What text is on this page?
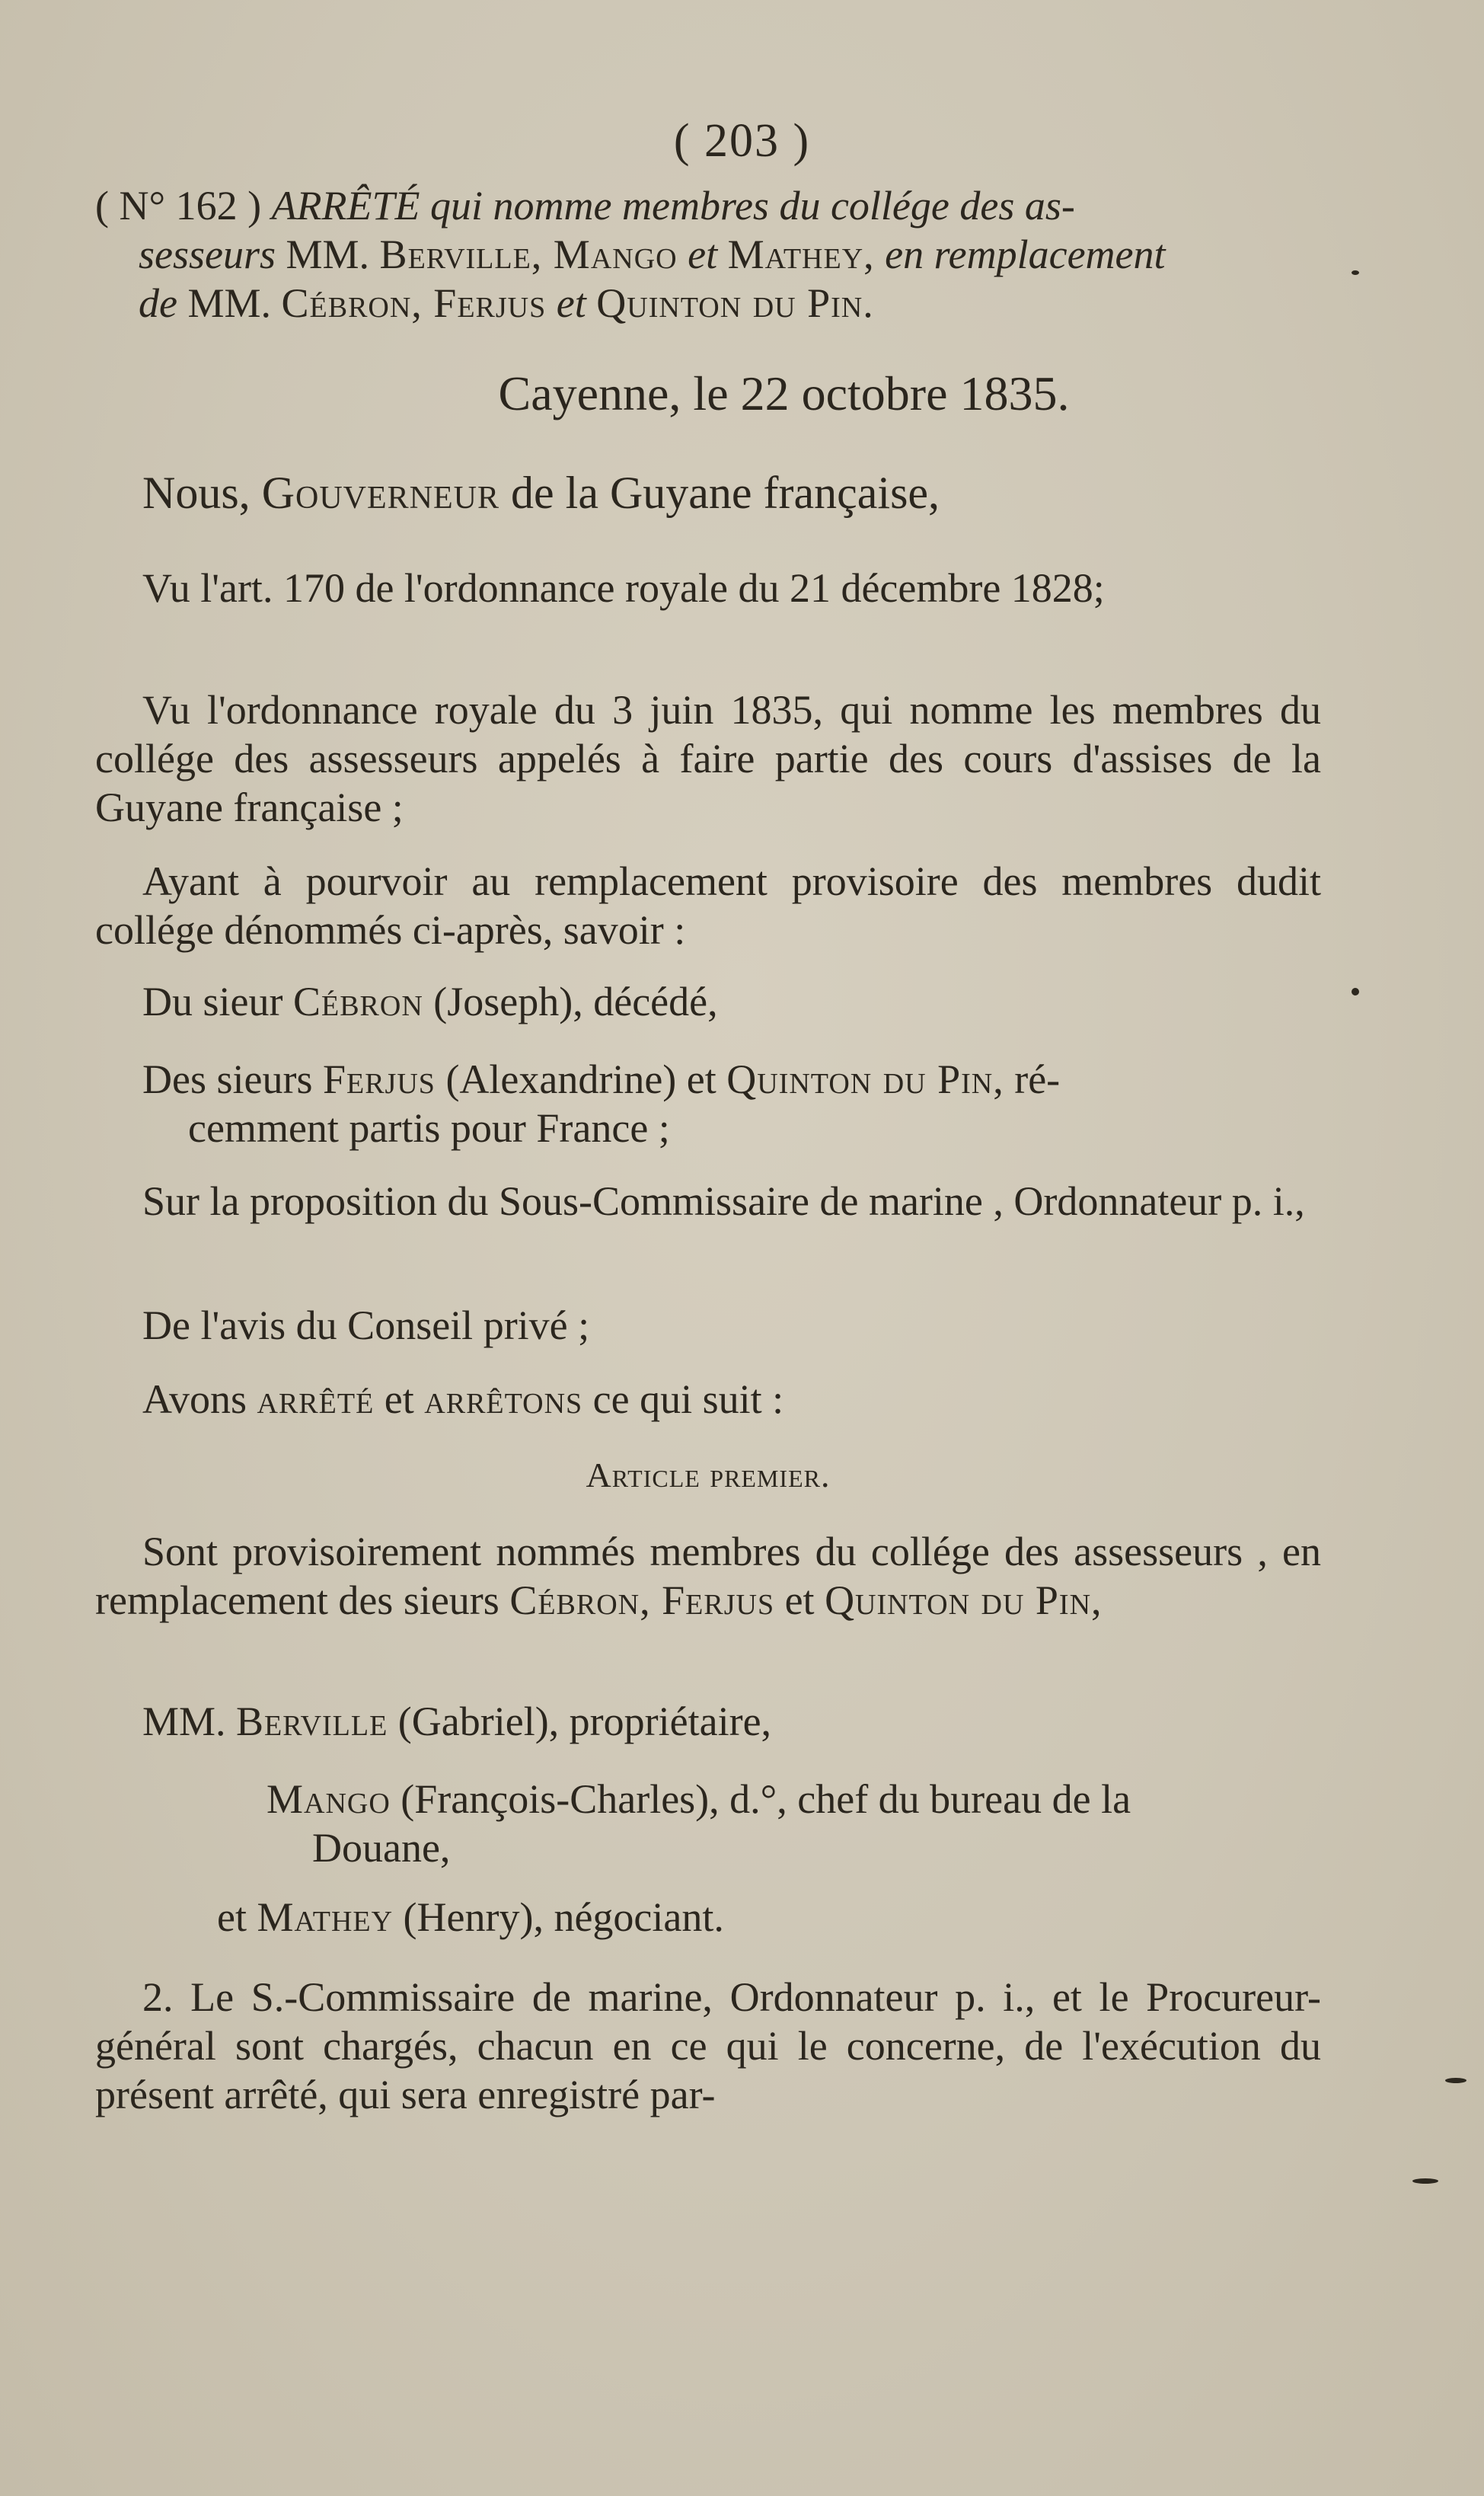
( 203 )
( N° 162 ) ARRÊTÉ qui nomme membres du collége des as-
sesseurs MM. Berville, Mango et Mathey, en remplacement
de MM. Cébron, Ferjus et Quinton du Pin.
Cayenne, le 22 octobre 1835.
Nous, Gouverneur de la Guyane française,
Vu l'art. 170 de l'ordonnance royale du 21 décembre 1828;
Vu l'ordonnance royale du 3 juin 1835, qui nomme les membres du collége des assesseurs appelés à faire partie des cours d'assises de la Guyane française ;
Ayant à pourvoir au remplacement provisoire des membres dudit collége dénommés ci-après, savoir :
Du sieur Cébron (Joseph), décédé,
Des sieurs Ferjus (Alexandrine) et Quinton du Pin, ré-
cemment partis pour France ;
Sur la proposition du Sous-Commissaire de marine , Ordonnateur p. i.,
De l'avis du Conseil privé ;
Avons arrêté et arrêtons ce qui suit :
Article premier.
Sont provisoirement nommés membres du collége des assesseurs , en remplacement des sieurs Cébron, Ferjus et Quinton du Pin,
MM. Berville (Gabriel), propriétaire,
Mango (François-Charles), d.°, chef du bureau de la
Douane,
et Mathey (Henry), négociant.
2. Le S.-Commissaire de marine, Ordonnateur p. i., et le Procureur-général sont chargés, chacun en ce qui le concerne, de l'exécution du présent arrêté, qui sera enregistré par-
